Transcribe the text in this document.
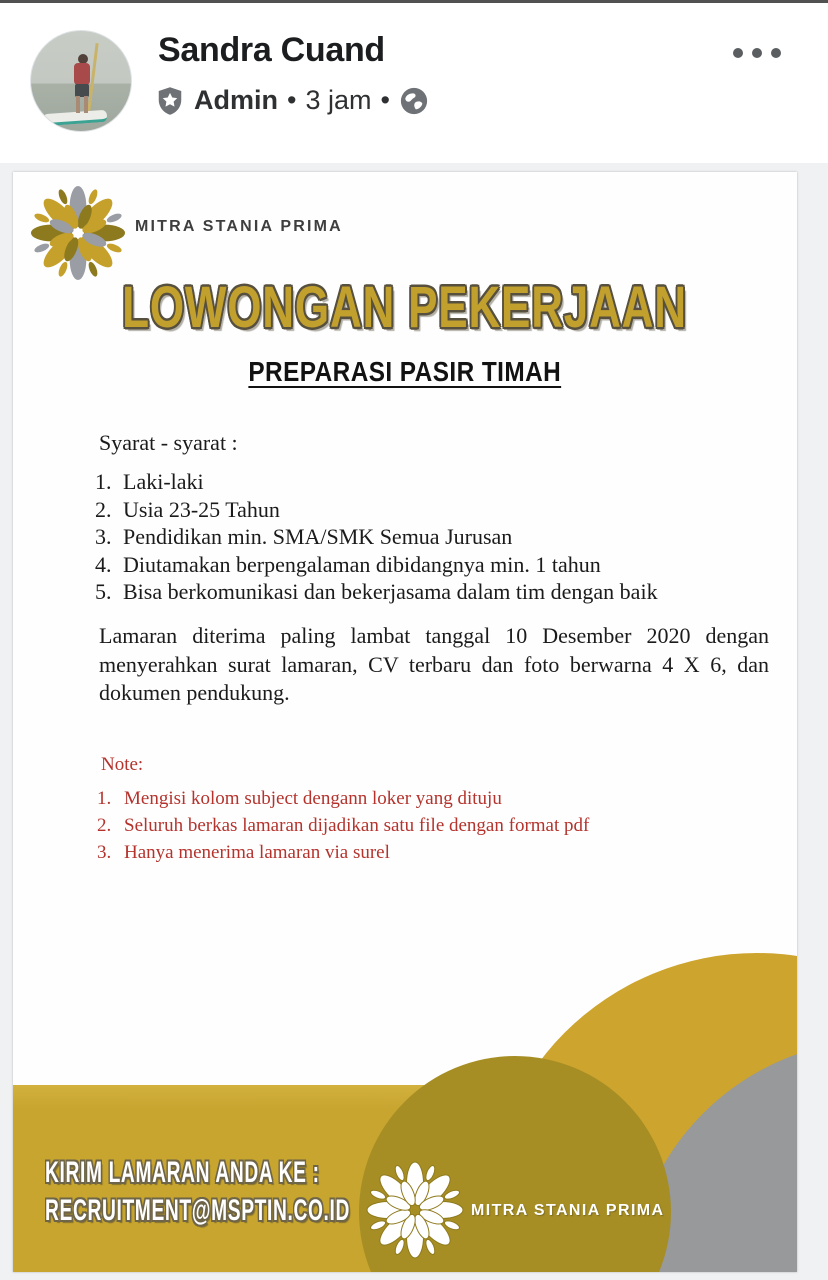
Sandra Cuand
Admin • 3 jam •
MITRA STANIA PRIMA
LOWONGAN PEKERJAAN
PREPARASI PASIR TIMAH
Syarat - syarat :
1. Laki-laki
2. Usia 23-25 Tahun
3. Pendidikan min. SMA/SMK Semua Jurusan
4. Diutamakan berpengalaman dibidangnya min. 1 tahun
5. Bisa berkomunikasi dan bekerjasama dalam tim dengan baik
Lamaran diterima paling lambat tanggal 10 Desember 2020 dengan menyerahkan surat lamaran, CV terbaru dan foto berwarna 4 X 6, dan dokumen pendukung.
Note:
1. Mengisi kolom subject dengann loker yang dituju
2. Seluruh berkas lamaran dijadikan satu file dengan format pdf
3. Hanya menerima lamaran via surel
KIRIM LAMARAN ANDA KE :
RECRUITMENT@MSPTIN.CO.ID	MITRA STANIA PRIMA
